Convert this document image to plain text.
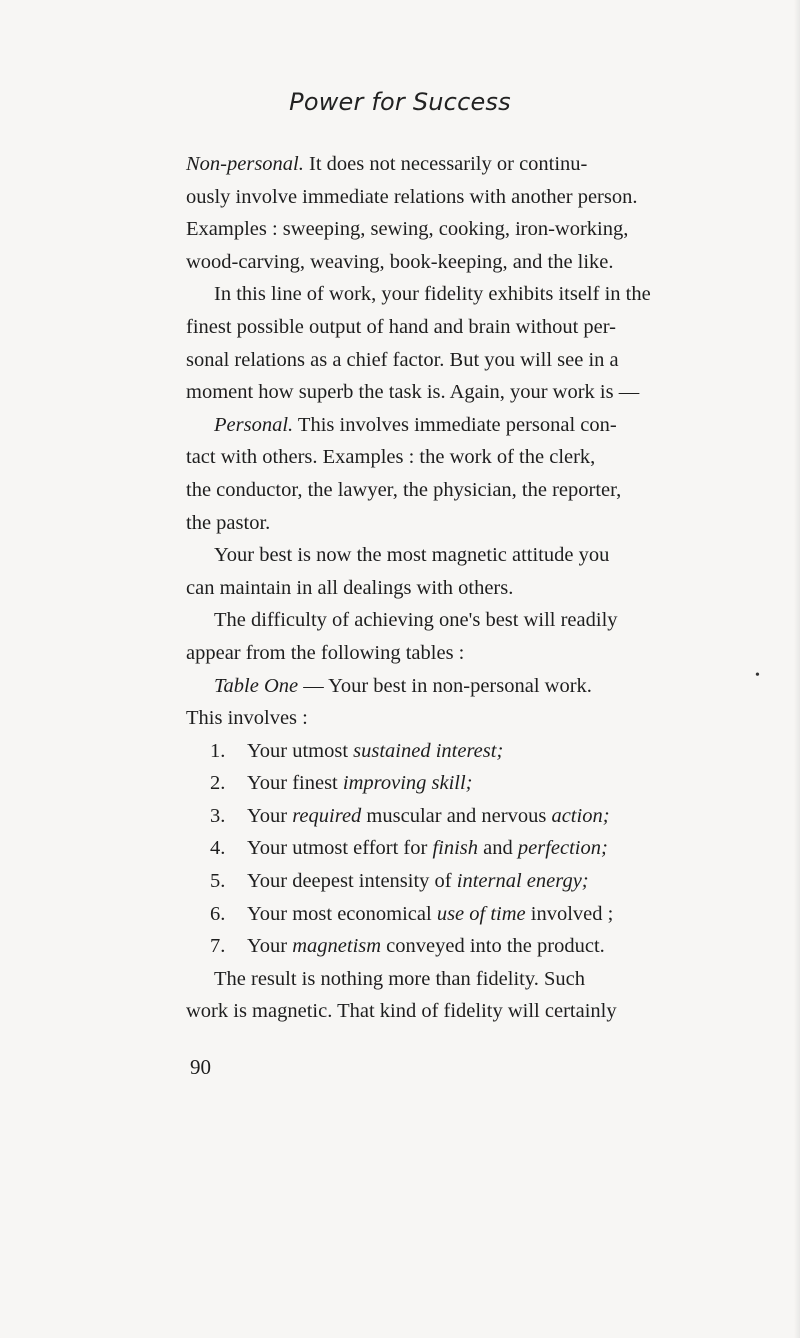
Power for Success
Non-personal. It does not necessarily or continu-
ously involve immediate relations with another person.
Examples : sweeping, sewing, cooking, iron-working,
wood-carving, weaving, book-keeping, and the like.
In this line of work, your fidelity exhibits itself in the
finest possible output of hand and brain without per-
sonal relations as a chief factor. But you will see in a
moment how superb the task is. Again, your work is —
Personal. This involves immediate personal con-
tact with others. Examples : the work of the clerk,
the conductor, the lawyer, the physician, the reporter,
the pastor.
Your best is now the most magnetic attitude you
can maintain in all dealings with others.
The difficulty of achieving one's best will readily
appear from the following tables :
Table One — Your best in non-personal work.
This involves :
1.	Your utmost sustained interest;
2.	Your finest improving skill;
3.	Your required muscular and nervous action;
4.	Your utmost effort for finish and perfection;
5.	Your deepest intensity of internal energy;
6.	Your most economical use of time involved ;
7.	Your magnetism conveyed into the product.
The result is nothing more than fidelity. Such
work is magnetic. That kind of fidelity will certainly
•
90
